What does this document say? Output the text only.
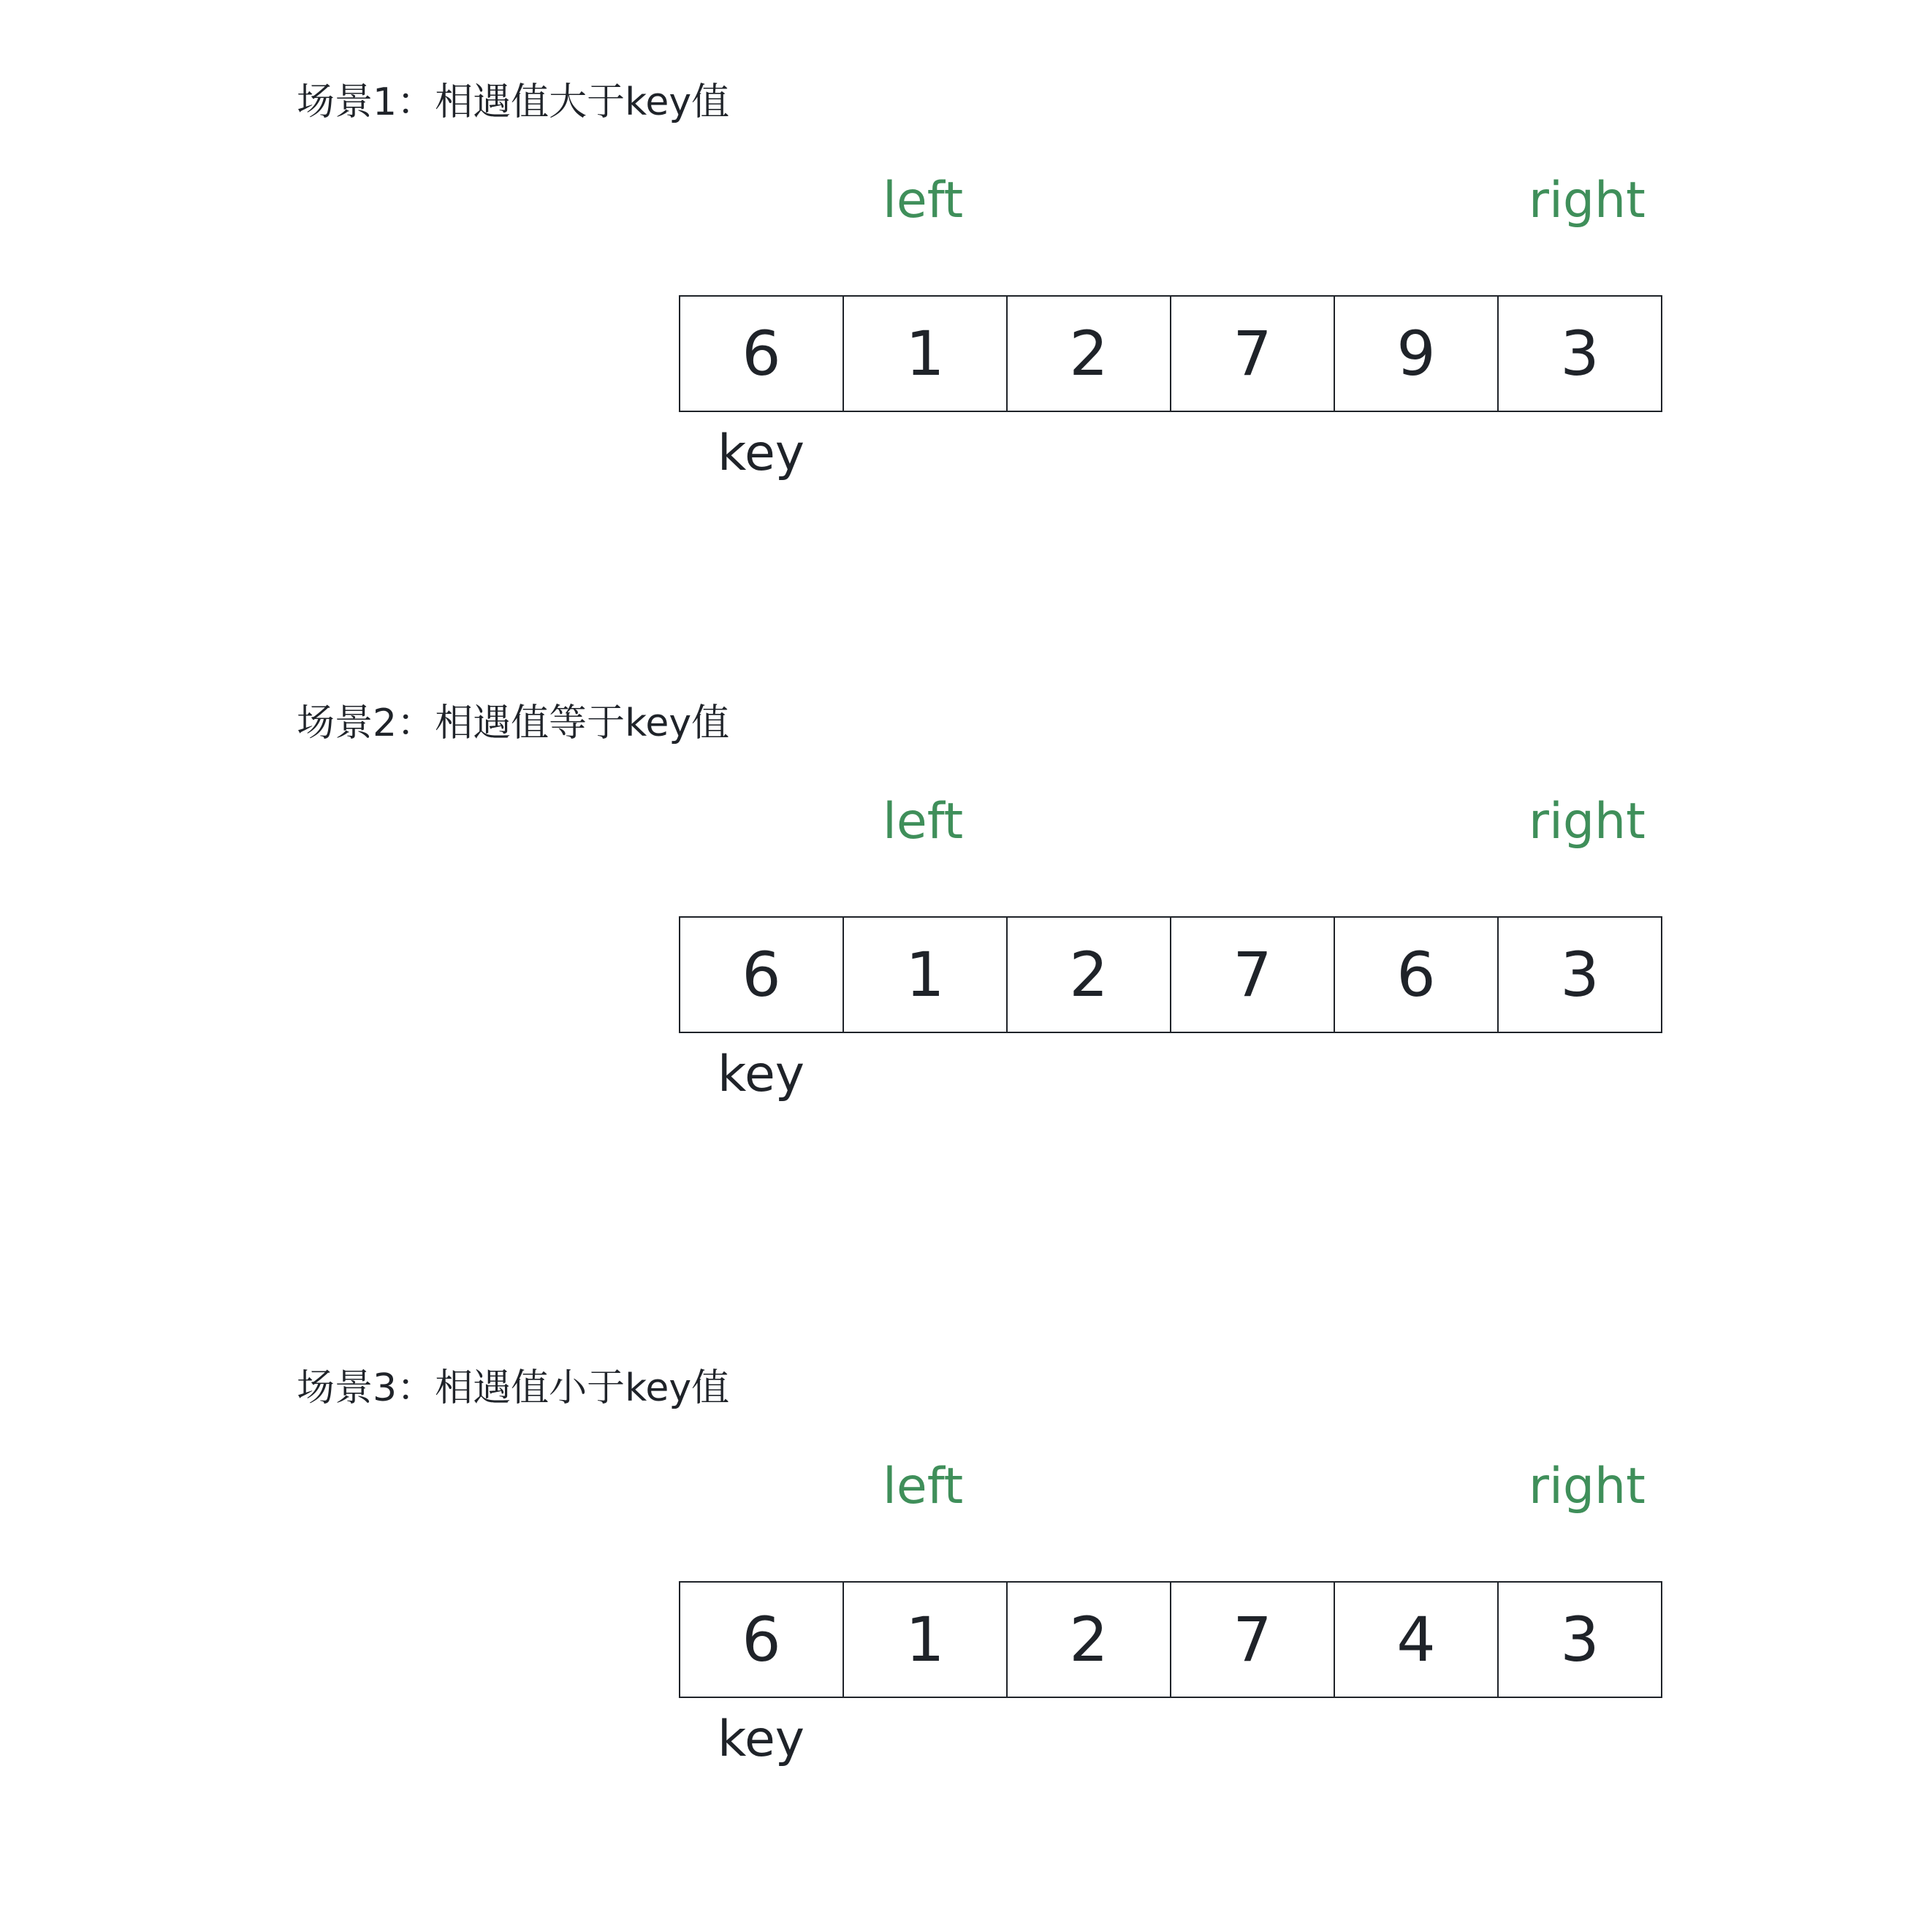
场景1：相遇值大于key值
left	right
6	1	2	7	9	3
key
场景2：相遇值等于key值
left	right
6	1	2	7	6	3
key
场景3：相遇值小于key值
left	right
6	1	2	7	4	3
key
